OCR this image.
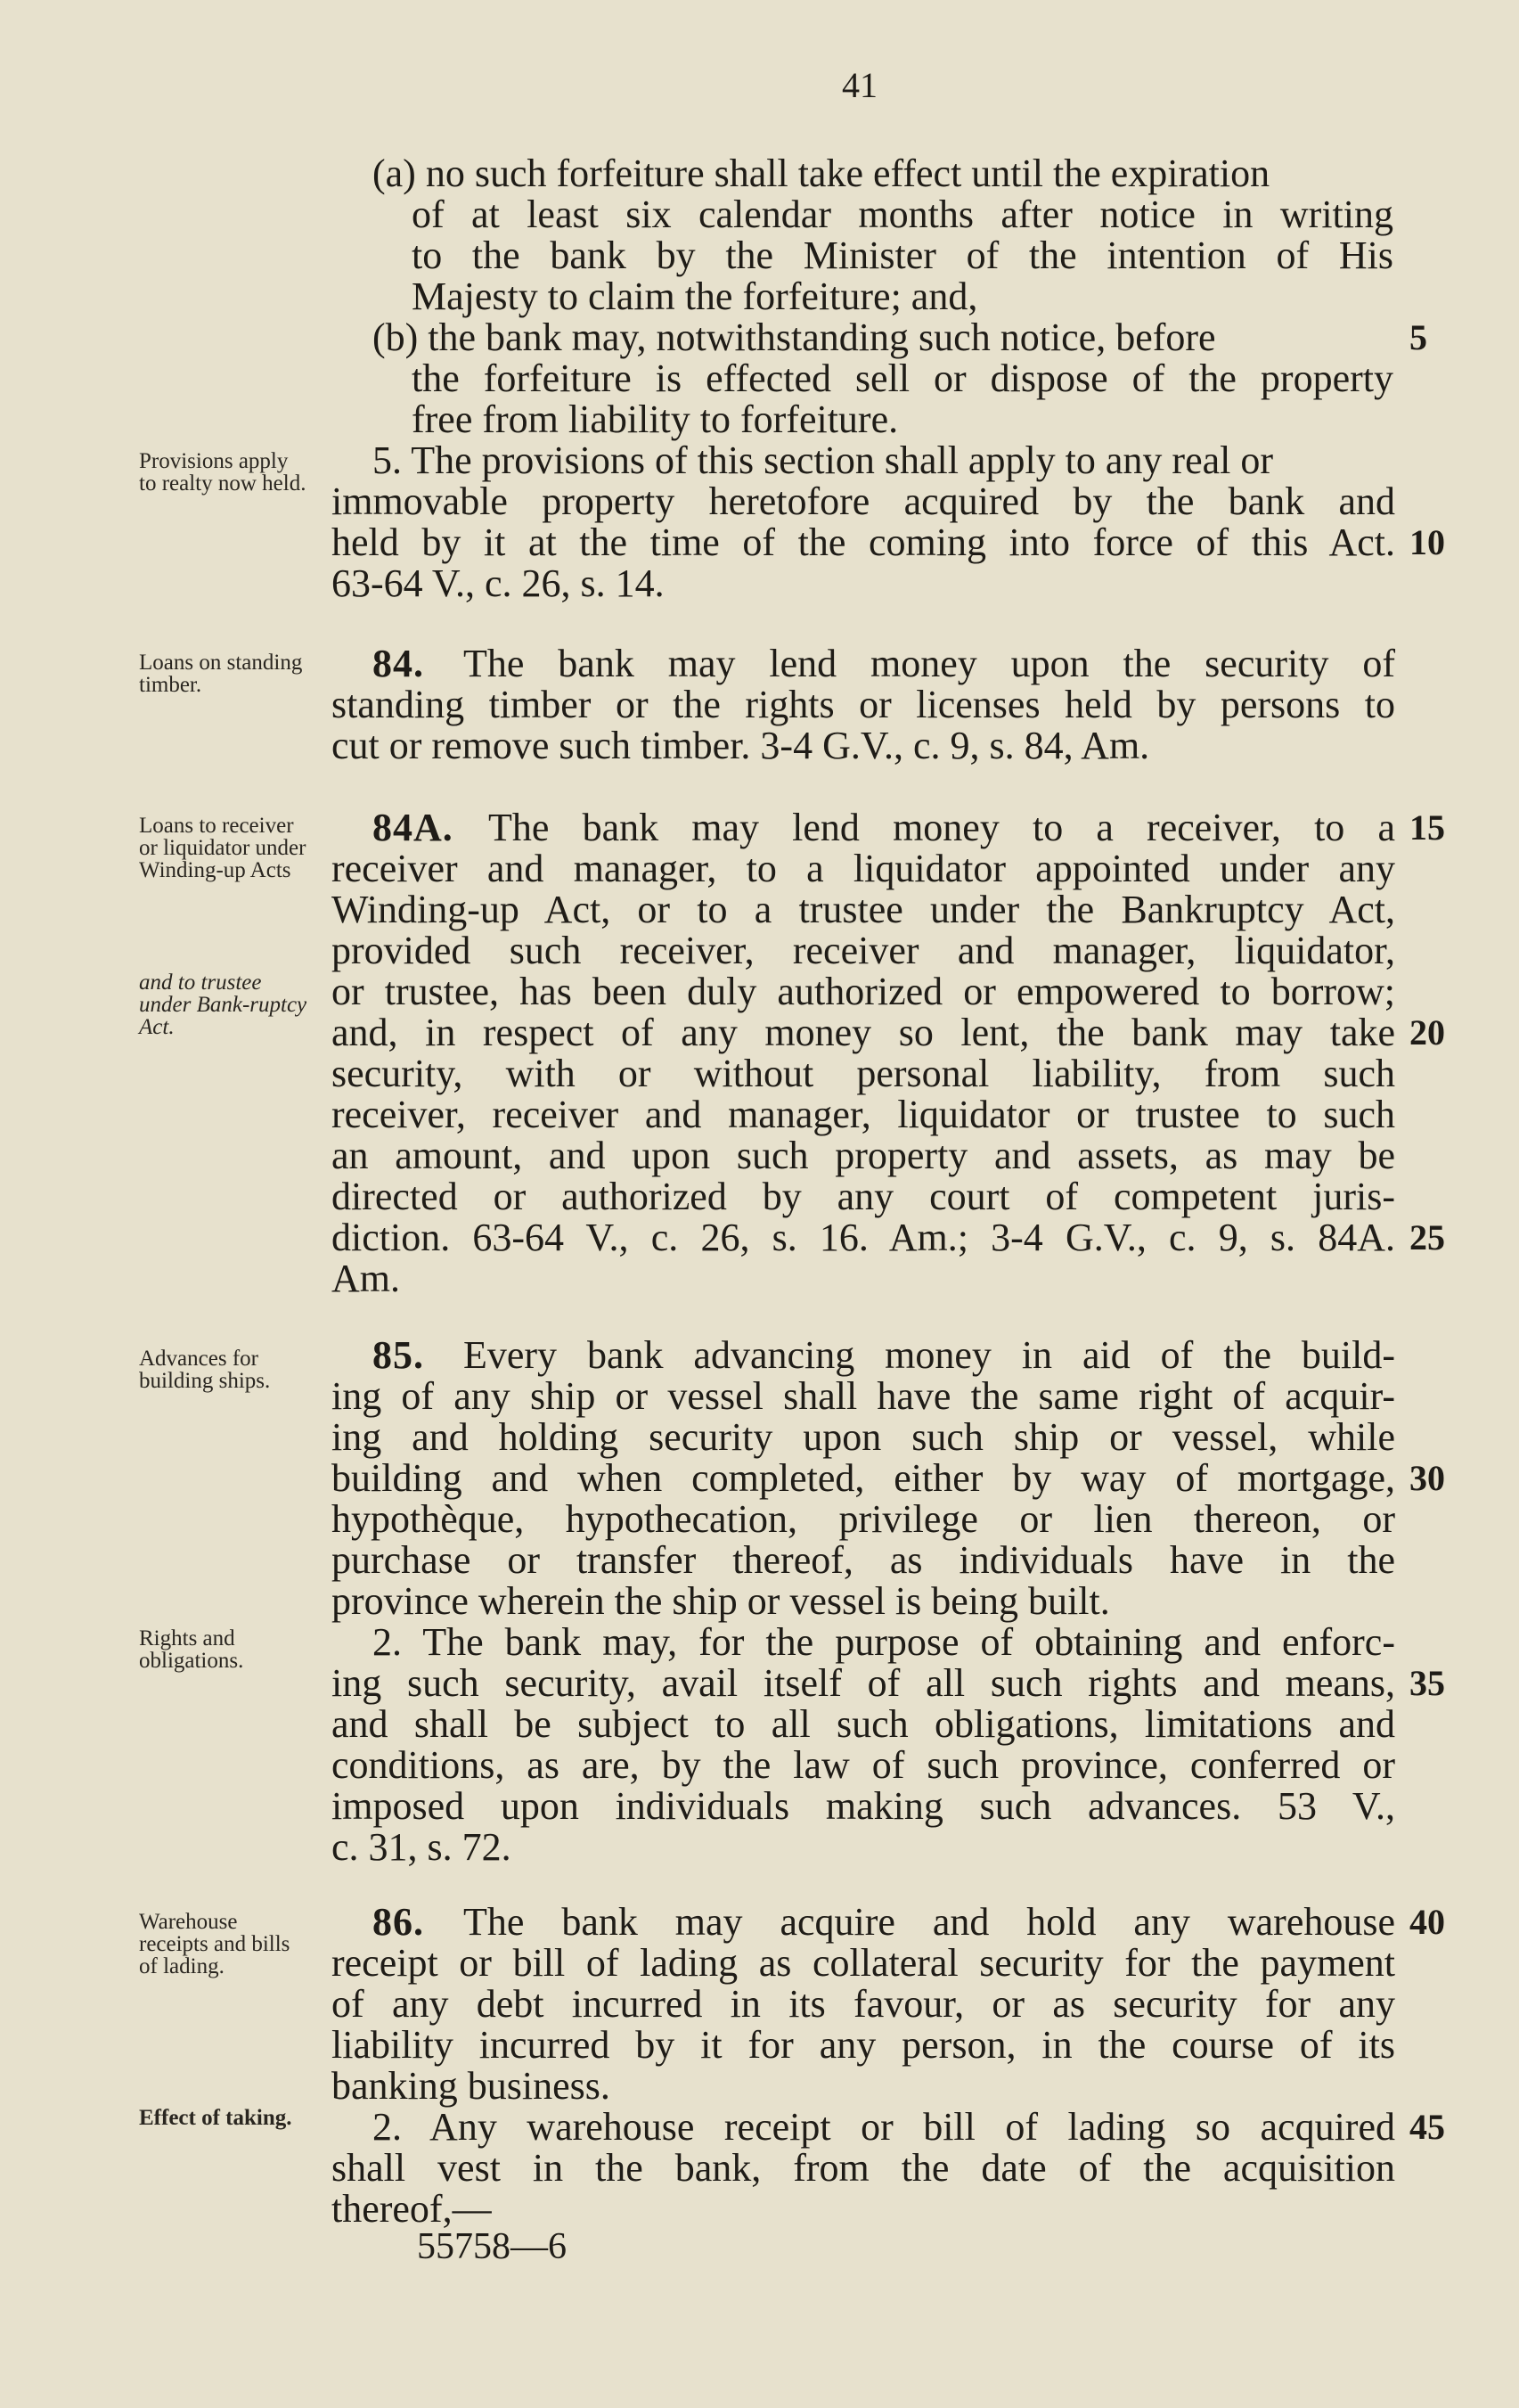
41
Provisions apply to realty now held.
Loans on standing timber.
Loans to receiver or liquidator under Winding-up Acts
and to trustee under Bank-ruptcy Act.
Advances for building ships.
Rights and obligations.
Warehouse receipts and bills of lading.
Effect of taking.
(a) no such forfeiture shall take effect until the expiration
of at least six calendar months after notice in writing
to the bank by the Minister of the intention of His
Majesty to claim the forfeiture; and,
(b) the bank may, notwithstanding such notice, before
the forfeiture is effected sell or dispose of the property
free from liability to forfeiture.
5. The provisions of this section shall apply to any real or
immovable property heretofore acquired by the bank and
held by it at the time of the coming into force of this Act.
63-64 V., c. 26, s. 14.
84.	The bank may lend money upon the security of
standing timber or the rights or licenses held by persons to
cut or remove such timber. 3-4 G.V., c. 9, s. 84, Am.
84A. The bank may lend money to a receiver, to a
receiver and manager, to a liquidator appointed under any
Winding-up Act, or to a trustee under the Bankruptcy Act,
provided such receiver, receiver and manager, liquidator,
or trustee, has been duly authorized or empowered to borrow;
and, in respect of any money so lent, the bank may take
security, with or without personal liability, from such
receiver, receiver and manager, liquidator or trustee to such
an amount, and upon such property and assets, as may be
directed or authorized by any court of competent juris-
diction. 63-64 V., c. 26, s. 16. Am.; 3-4 G.V., c. 9, s. 84A.
Am.
85.	Every bank advancing money in aid of the build-
ing of any ship or vessel shall have the same right of acquir-
ing and holding security upon such ship or vessel, while
building and when completed, either by way of mortgage,
hypothèque, hypothecation, privilege or lien thereon, or
purchase or transfer thereof, as individuals have in the
province wherein the ship or vessel is being built.
2. The bank may, for the purpose of obtaining and enforc-
ing such security, avail itself of all such rights and means,
and shall be subject to all such obligations, limitations and
conditions, as are, by the law of such province, conferred or
imposed upon individuals making such advances. 53 V.,
c. 31, s. 72.
86.	The bank may acquire and hold any warehouse
receipt or bill of lading as collateral security for the payment
of any debt incurred in its favour, or as security for any
liability incurred by it for any person, in the course of its
banking business.
2. Any warehouse receipt or bill of lading so acquired
shall vest in the bank, from the date of the acquisition
thereof,—
55758—6
5
10
15
20
25
30
35
40
45
